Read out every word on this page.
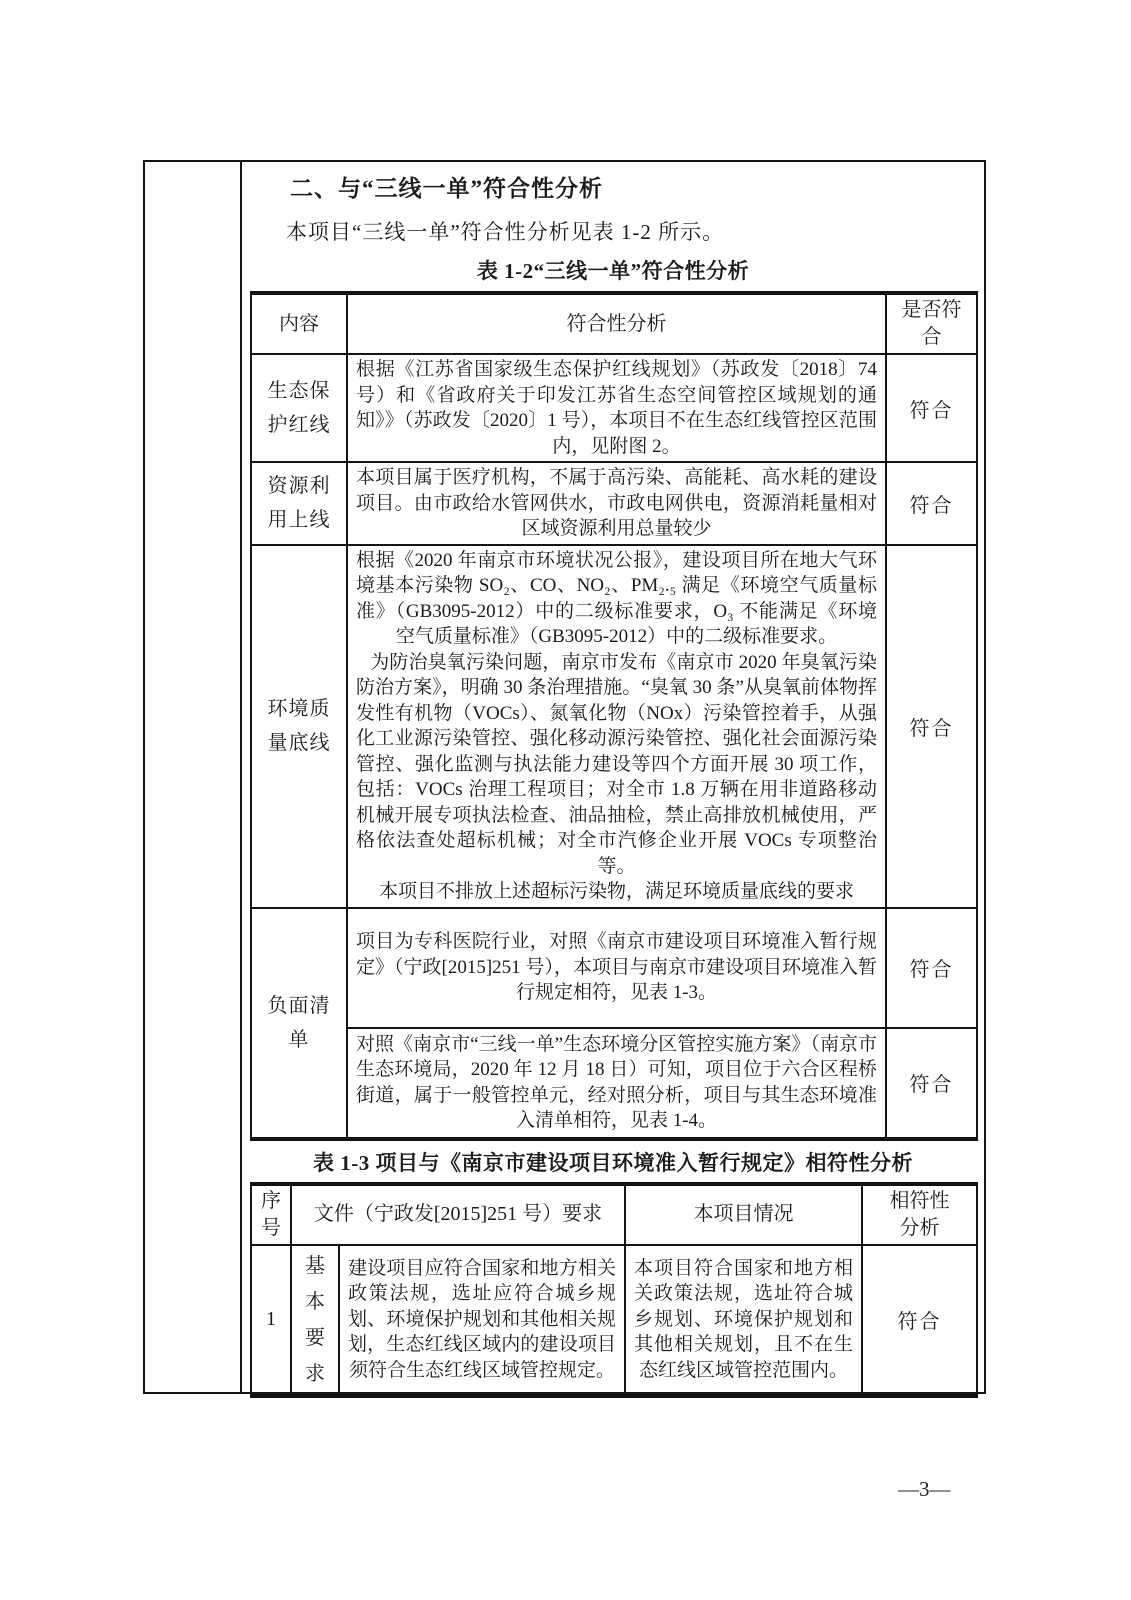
二、与“三线一单”符合性分析
本项目“三线一单”符合性分析见表 1-2 所示。
表 1-2“三线一单”符合性分析
内容	符合性分析	是否符合
生态保护红线	根据《江苏省国家级生态保护红线规划》（苏政发〔2018〕74 号）和《省政府关于印发江苏省生态空间管控区域规划的通知》》（苏政发〔2020〕1 号），本项目不在生态红线管控区范围内，见附图 2。	符合
资源利用上线	本项目属于医疗机构，不属于高污染、高能耗、高水耗的建设项目。由市政给水管网供水，市政电网供电，资源消耗量相对区域资源利用总量较少	符合
环境质量底线	根据《2020 年南京市环境状况公报》，建设项目所在地大气环境基本污染物 SO₂、CO、NO₂、PM₂.₅ 满足《环境空气质量标准》（GB3095-2012）中的二级标准要求，O₃ 不能满足《环境空气质量标准》（GB3095-2012）中的二级标准要求。

为防治臭氧污染问题，南京市发布《南京市 2020 年臭氧污染防治方案》，明确 30 条治理措施。“臭氧 30 条”从臭氧前体物挥发性有机物（VOCs）、氮氧化物（NOx）污染管控着手，从强化工业源污染管控、强化移动源污染管控、强化社会面源污染管控、强化监测与执法能力建设等四个方面开展 30 项工作，包括：VOCs 治理工程项目；对全市 1.8 万辆在用非道路移动机械开展专项执法检查、油品抽检，禁止高排放机械使用，严格依法查处超标机械；对全市汽修企业开展 VOCs 专项整治等。

本项目不排放上述超标污染物，满足环境质量底线的要求	符合
负面清单	项目为专科医院行业，对照《南京市建设项目环境准入暂行规定》（宁政[2015]251 号），本项目与南京市建设项目环境准入暂行规定相符，见表 1-3。	符合

	对照《南京市“三线一单”生态环境分区管控实施方案》（南京市生态环境局，2020 年 12 月 18 日）可知，项目位于六合区程桥街道，属于一般管控单元，经对照分析，项目与其生态环境准入清单相符，见表 1-4。	符合
表 1-3 项目与《南京市建设项目环境准入暂行规定》相符性分析
序号	文件（宁政发[2015]251 号）要求		本项目情况	相符性分析
1	基本要求	建设项目应符合国家和地方相关政策法规，选址应符合城乡规划、环境保护规划和其他相关规划，生态红线区域内的建设项目须符合生态红线区域管控规定。	本项目符合国家和地方相关政策法规，选址符合城乡规划、环境保护规划和其他相关规划，且不在生态红线区域管控范围内。	符合
—3—
